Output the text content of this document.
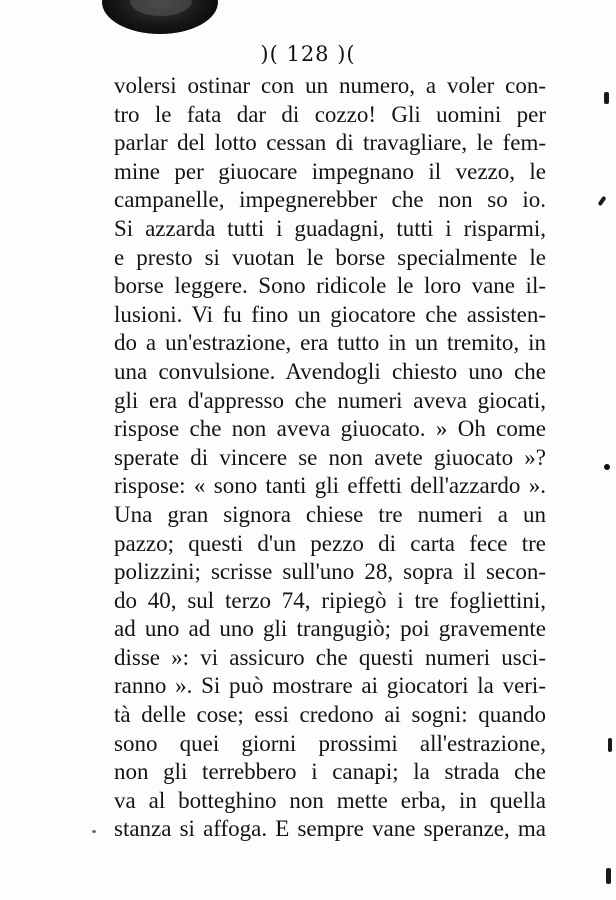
)( 128 )(
volersi ostinar con un numero, a voler con-
tro le fata dar di cozzo! Gli uomini per
parlar del lotto cessan di travagliare, le fem-
mine per giuocare impegnano il vezzo, le
campanelle, impegnerebber che non so io.
Si azzarda tutti i guadagni, tutti i risparmi,
e presto si vuotan le borse specialmente le
borse leggere. Sono ridicole le loro vane il-
lusioni. Vi fu fino un giocatore che assisten-
do a un'estrazione, era tutto in un tremito, in
una convulsione. Avendogli chiesto uno che
gli era d'appresso che numeri aveva giocati,
rispose che non aveva giuocato. » Oh come
sperate di vincere se non avete giuocato »?
rispose: « sono tanti gli effetti dell'azzardo ».
Una gran signora chiese tre numeri a un
pazzo; questi d'un pezzo di carta fece tre
polizzini; scrisse sull'uno 28, sopra il secon-
do 40, sul terzo 74, ripiegò i tre fogliettini,
ad uno ad uno gli trangugiò; poi gravemente
disse »: vi assicuro che questi numeri usci-
ranno ». Si può mostrare ai giocatori la veri-
tà delle cose; essi credono ai sogni: quando
sono quei giorni prossimi all'estrazione,
non gli terrebbero i canapi; la strada che
va al botteghino non mette erba, in quella
stanza si affoga. E sempre vane speranze, ma
